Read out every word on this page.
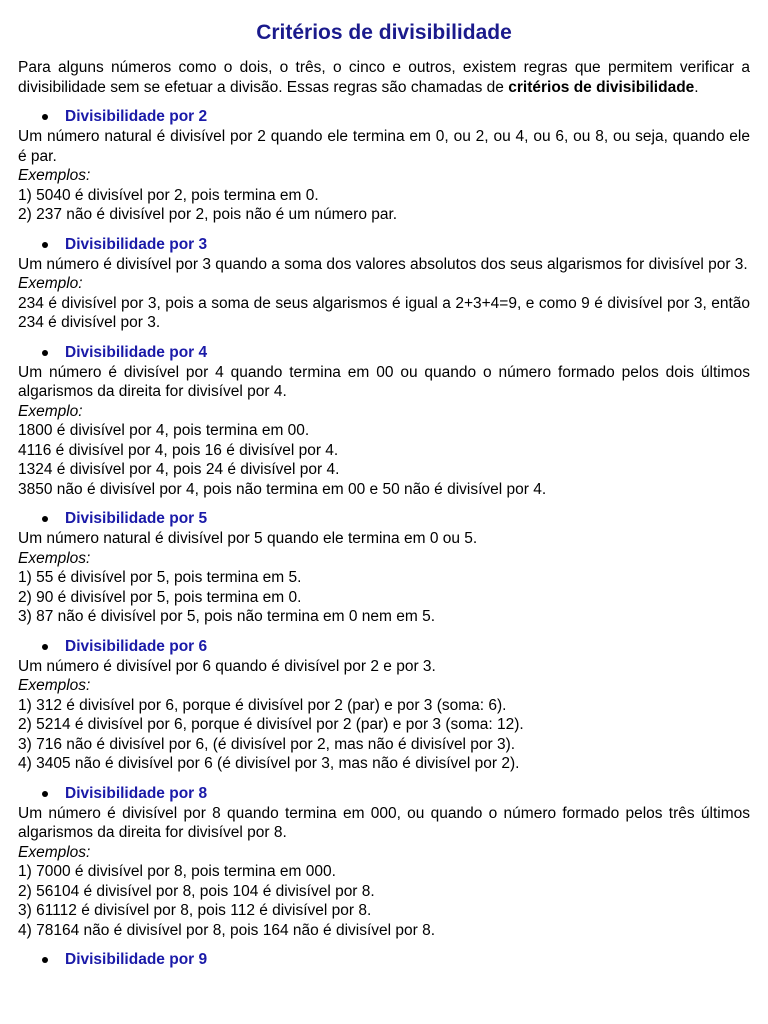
Critérios de divisibilidade

Para alguns números como o dois, o três, o cinco e outros, existem regras que permitem verificar a divisibilidade sem se efetuar a divisão. Essas regras são chamadas de critérios de divisibilidade.

Divisibilidade por 2

Um número natural é divisível por 2 quando ele termina em 0, ou 2, ou 4, ou 6, ou 8, ou seja, quando ele é par.

Exemplos:
1) 5040 é divisível por 2, pois termina em 0.
2) 237 não é divisível por 2, pois não é um número par.
Divisibilidade por 3

Um número é divisível por 3 quando a soma dos valores absolutos dos seus algarismos for divisível por 3.

Exemplo:
234 é divisível por 3, pois a soma de seus algarismos é igual a 2+3+4=9, e como 9 é divisível por 3, então 234 é divisível por 3.
Divisibilidade por 4

Um número é divisível por 4 quando termina em 00 ou quando o número formado pelos dois últimos algarismos da direita for divisível por 4.

Exemplo:
1800 é divisível por 4, pois termina em 00.
4116 é divisível por 4, pois 16 é divisível por 4.
1324 é divisível por 4, pois 24 é divisível por 4.
3850 não é divisível por 4, pois não termina em 00 e 50 não é divisível por 4.
Divisibilidade por 5

Um número natural é divisível por 5 quando ele termina em 0 ou 5.

Exemplos:
1) 55 é divisível por 5, pois termina em 5.
2) 90 é divisível por 5, pois termina em 0.
3) 87 não é divisível por 5, pois não termina em 0 nem em 5.
Divisibilidade por 6

Um número é divisível por 6 quando é divisível por 2 e por 3.

Exemplos:
1) 312 é divisível por 6, porque é divisível por 2 (par) e por 3 (soma: 6).
2) 5214 é divisível por 6, porque é divisível por 2 (par) e por 3 (soma: 12).
3) 716 não é divisível por 6, (é divisível por 2, mas não é divisível por 3).
4) 3405 não é divisível por 6 (é divisível por 3, mas não é divisível por 2).
Divisibilidade por 8

Um número é divisível por 8 quando termina em 000, ou quando o número formado pelos três últimos algarismos da direita for divisível por 8.

Exemplos:
1) 7000 é divisível por 8, pois termina em 000.
2) 56104 é divisível por 8, pois 104 é divisível por 8.
3) 61112 é divisível por 8, pois 112 é divisível por 8.
4) 78164 não é divisível por 8, pois 164 não é divisível por 8.
Divisibilidade por 9
